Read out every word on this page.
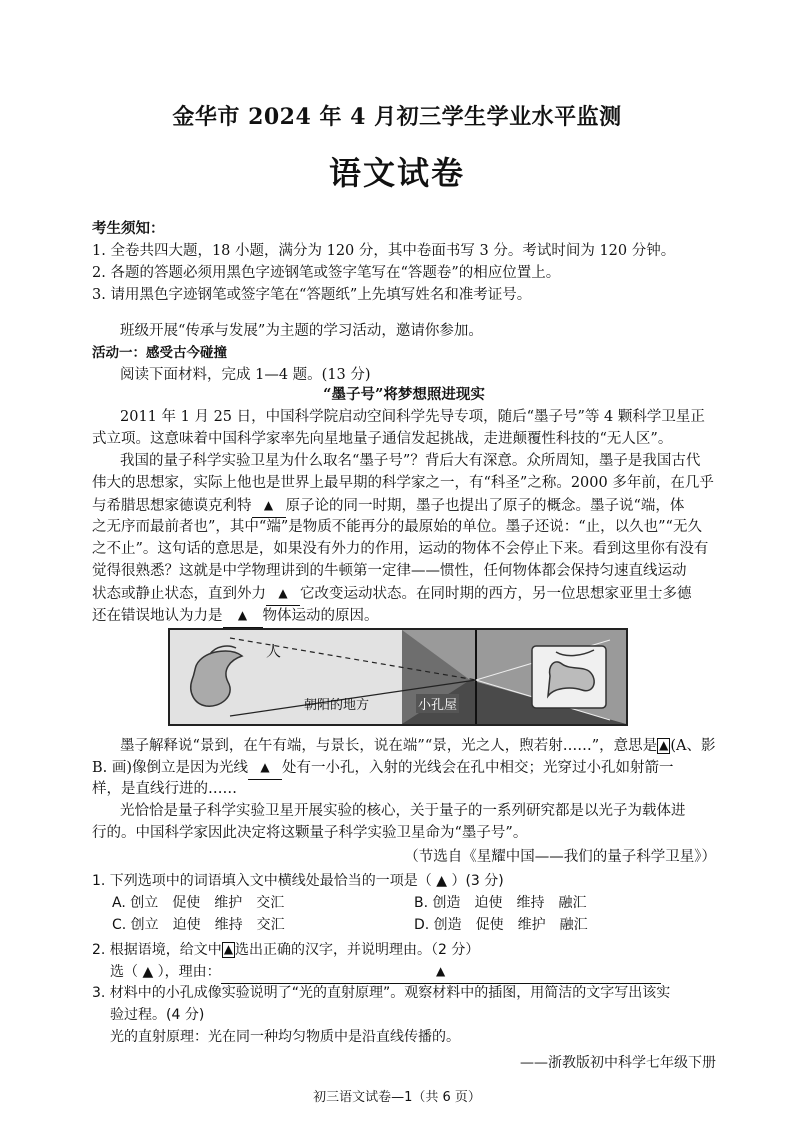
金华市 2024 年 4 月初三学生学业水平监测
语文试卷
考生须知：
1. 全卷共四大题，18 小题，满分为 120 分，其中卷面书写 3 分。考试时间为 120 分钟。
2. 各题的答题必须用黑色字迹钢笔或签字笔写在“答题卷”的相应位置上。
3. 请用黑色字迹钢笔或签字笔在“答题纸”上先填写姓名和准考证号。
班级开展“传承与发展”为主题的学习活动，邀请你参加。
活动一：感受古今碰撞
阅读下面材料，完成 1—4 题。(13 分)
“墨子号”将梦想照进现实
2011 年 1 月 25 日，中国科学院启动空间科学先导专项，随后“墨子号”等 4 颗科学卫星正
式立项。这意味着中国科学家率先向星地量子通信发起挑战，走进颠覆性科技的“无人区”。
我国的量子科学实验卫星为什么取名“墨子号”？背后大有深意。众所周知，墨子是我国古代
伟大的思想家，实际上他也是世界上最早期的科学家之一，有“科圣”之称。2000 多年前，在几乎
与希腊思想家德谟克利特 ▲ 原子论的同一时期，墨子也提出了原子的概念。墨子说“端，体
之无序而最前者也”，其中“端”是物质不能再分的最原始的单位。墨子还说：“止，以久也”“无久
之不止”。这句话的意思是，如果没有外力的作用，运动的物体不会停止下来。看到这里你有没有
觉得很熟悉？这就是中学物理讲到的牛顿第一定律——惯性，任何物体都会保持匀速直线运动
状态或静止状态，直到外力 ▲ 它改变运动状态。在同时期的西方，另一位思想家亚里士多德
还在错误地认为力是 ▲ 物体运动的原因。
人
朝阳的地方	小孔屋
墨子解释说“景到，在午有端，与景长，说在端”“景，光之人，煦若射……”，意思是 ▲ (A、影
B. 画)像倒立是因为光线 ▲ 处有一小孔，入射的光线会在孔中相交；光穿过小孔如射箭一
样，是直线行进的……
光恰恰是量子科学实验卫星开展实验的核心，关于量子的一系列研究都是以光子为载体进
行的。中国科学家因此决定将这颗量子科学实验卫星命为“墨子号”。
（节选自《星耀中国——我们的量子科学卫星》）
1. 下列选项中的词语填入文中横线处最恰当的一项是（ ▲ ）(3 分)
A. 创立　促使　维护　交汇	B. 创造　迫使　维持　融汇
C. 创立　迫使　维持　交汇	D. 创造　促使　维护　融汇
2. 根据语境，给文中 ▲ 选出正确的汉字，并说明理由。（2 分）
选（ ▲ ），理由：	▲
3. 材料中的小孔成像实验说明了“光的直射原理”。观察材料中的插图，用简洁的文字写出该实
验过程。(4 分)
光的直射原理：光在同一种均匀物质中是沿直线传播的。
初三语文试卷—1（共 6 页）
——浙教版初中科学七年级下册
